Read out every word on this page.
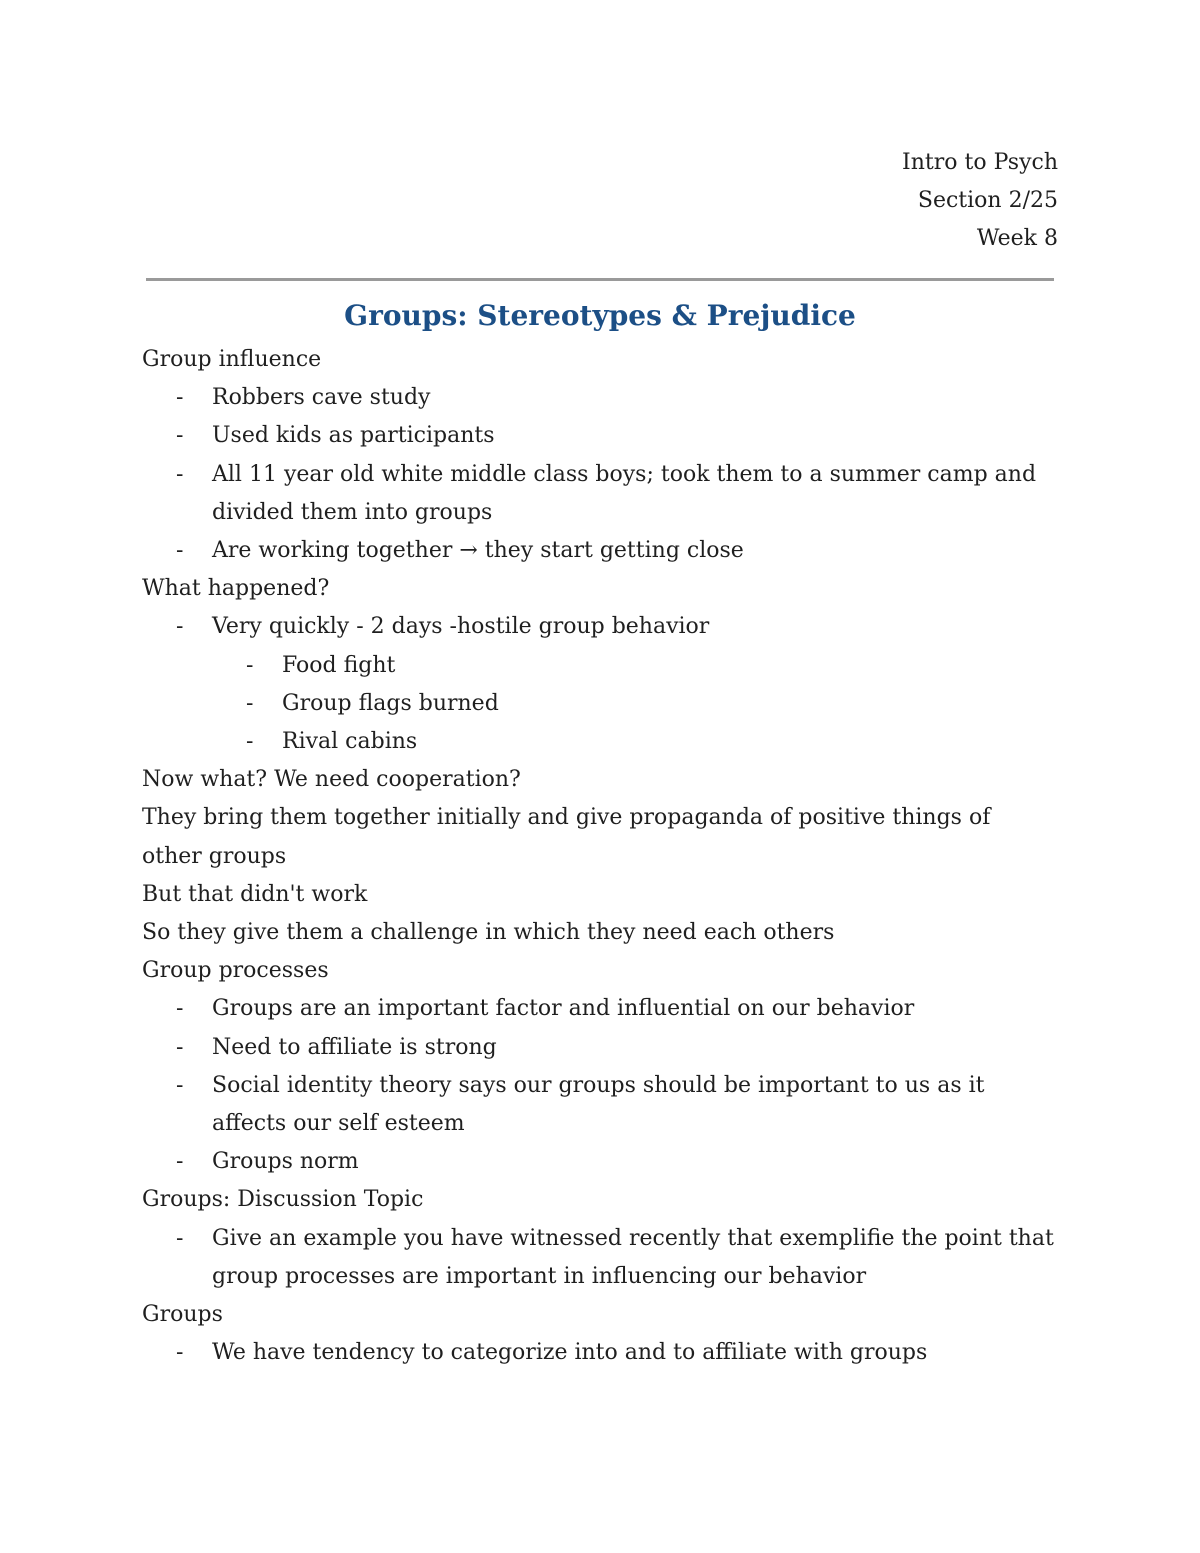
Intro to Psych
Section 2/25
Week 8
Groups: Stereotypes & Prejudice

Group influence

-	Robbers cave study
-	Used kids as participants
-	All 11 year old white middle class boys; took them to a summer camp and divided them into groups
-	Are working together → they start getting close

What happened?

-	Very quickly - 2 days -hostile group behavior
-	Food fight
-	Group flags burned
-	Rival cabins

Now what? We need cooperation?

They bring them together initially and give propaganda of positive things of other groups

But that didn't work

So they give them a challenge in which they need each others

Group processes

-	Groups are an important factor and influential on our behavior
-	Need to affiliate is strong
-	Social identity theory says our groups should be important to us as it affects our self esteem
-	Groups norm

Groups: Discussion Topic

-	Give an example you have witnessed recently that exemplifie the point that group processes are important in influencing our behavior

Groups

-	We have tendency to categorize into and to affiliate with groups
